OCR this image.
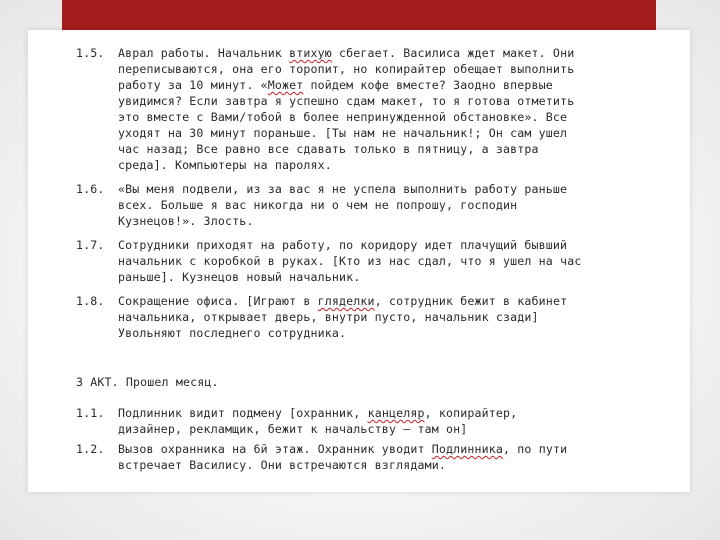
1.5. Аврал работы. Начальник втихую сбегает. Василиса ждет макет. Они
переписываются, она его торопит, но копирайтер обещает выполнить
работу за 10 минут. «Может пойдем кофе вместе? Заодно впервые
увидимся? Если завтра я успешно сдам макет, то я готова отметить
это вместе с Вами/тобой в более непринужденной обстановке». Все
уходят на 30 минут пораньше. [Ты нам не начальник!; Он сам ушел
час назад; Все равно все сдавать только в пятницу, а завтра
среда]. Компьютеры на паролях.
1.6. «Вы меня подвели, из за вас я не успела выполнить работу раньше
всех. Больше я вас никогда ни о чем не попрошу, господин
Кузнецов!». Злость.
1.7. Сотрудники приходят на работу, по коридору идет плачущий бывший
начальник с коробкой в руках. [Кто из нас сдал, что я ушел на час
раньше]. Кузнецов новый начальник.
1.8. Сокращение офиса. [Играют в гляделки, сотрудник бежит в кабинет
начальника, открывает дверь, внутри пусто, начальник сзади]
Увольняют последнего сотрудника.
3 АКТ. Прошел месяц.
1.1. Подлинник видит подмену [охранник, канцеляр, копирайтер,
дизайнер, рекламщик, бежит к начальству – там он]
1.2. Вызов охранника на 6й этаж. Охранник уводит Подлинника, по пути
встречает Василису. Они встречаются взглядами.
